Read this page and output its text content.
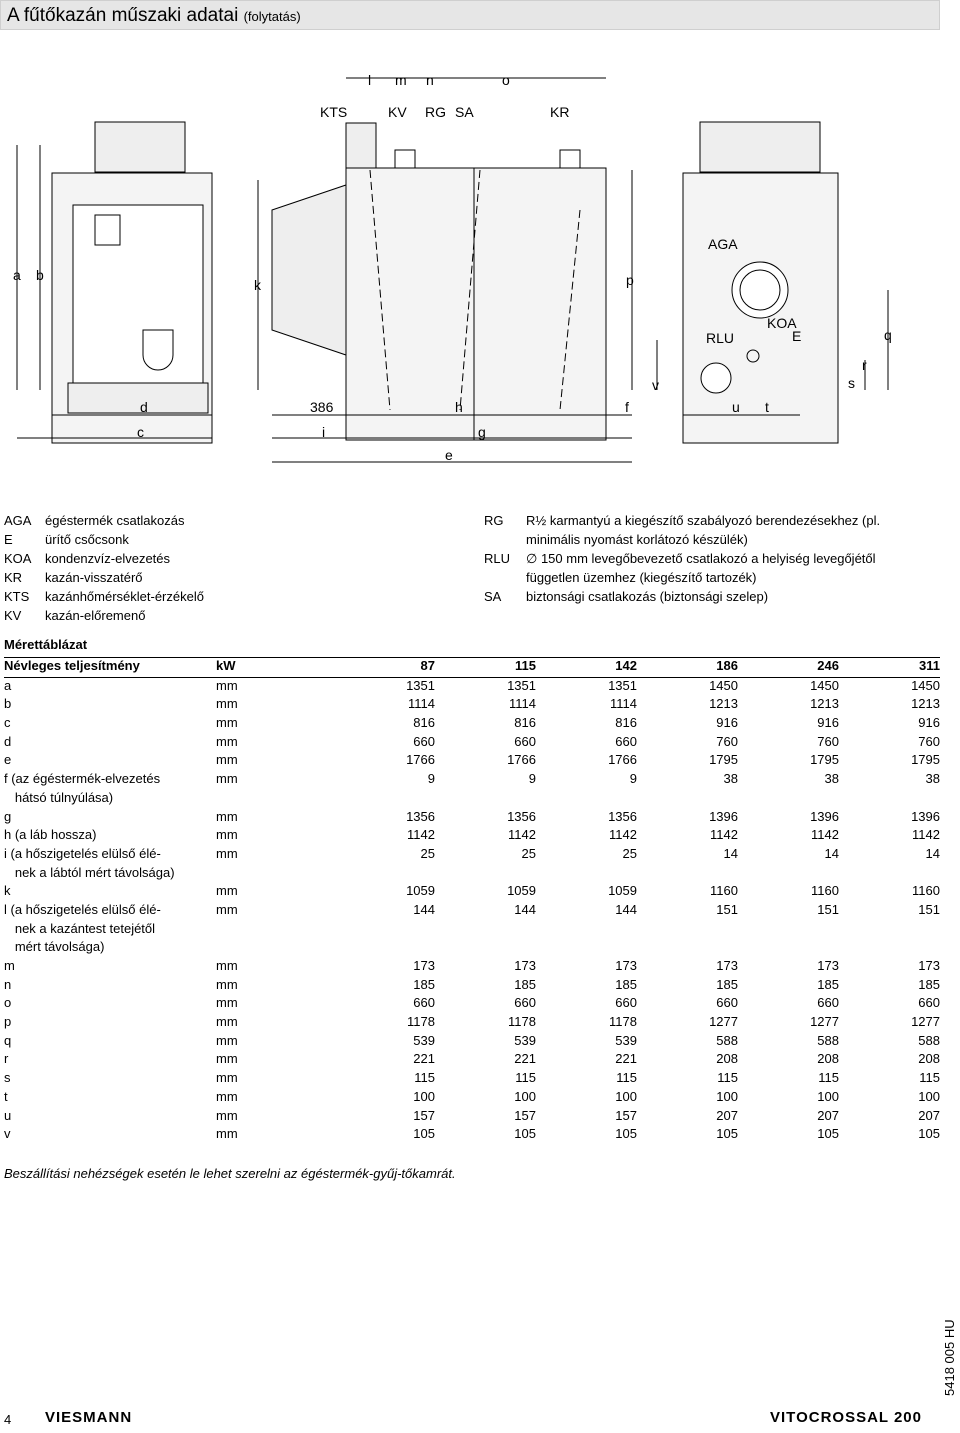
A fűtőkazán műszaki adatai (folytatás)
l m n	o
KTS	KV RG SA	KR
a b
k	p
v
q
r
s
d	386	h	f	u t
c	i	g
e
AGA
RLU
KOA
E
AGA	égéstermék csatlakozás
E	ürítő csőcsonk
KOA	kondenzvíz-elvezetés
KR	kazán-visszatérő
KTS	kazánhőmérséklet-érzékelő
KV	kazán-előremenő
RG	R½ karmantyú a kiegészítő szabályozó berendezésekhez (pl.
minimális nyomást korlátozó készülék)
RLU	∅ 150 mm levegőbevezető csatlakozó a helyiség levegőjétől
független üzemhez (kiegészítő tartozék)
SA	biztonsági csatlakozás (biztonsági szelep)
Mérettáblázat
Névleges teljesítmény	kW	87	115	142	186	246	311
a	mm	1351	1351	1351	1450	1450	1450
b	mm	1114	1114	1114	1213	1213	1213
c	mm	816	816	816	916	916	916
d	mm	660	660	660	760	760	760
e	mm	1766	1766	1766	1795	1795	1795
f (az égéstermék-elvezetés	mm	9	9	9	38	38	38
hátsó túlnyúlása)							
g	mm	1356	1356	1356	1396	1396	1396
h (a láb hossza)	mm	1142	1142	1142	1142	1142	1142
i (a hőszigetelés elülső élé-	mm	25	25	25	14	14	14
nek a lábtól mért távolsága)							
k	mm	1059	1059	1059	1160	1160	1160
l (a hőszigetelés elülső élé-	mm	144	144	144	151	151	151
nek a kazántest tetejétől							
mért távolsága)							
m	mm	173	173	173	173	173	173
n	mm	185	185	185	185	185	185
o	mm	660	660	660	660	660	660
p	mm	1178	1178	1178	1277	1277	1277
q	mm	539	539	539	588	588	588
r	mm	221	221	221	208	208	208
s	mm	115	115	115	115	115	115
t	mm	100	100	100	100	100	100
u	mm	157	157	157	207	207	207
v	mm	105	105	105	105	105	105
Beszállítási nehézségek esetén le lehet szerelni az égéstermék-gyűj-tőkamrát.
4 VIESMANN	VITOCROSSAL 200
5418 005 HU
